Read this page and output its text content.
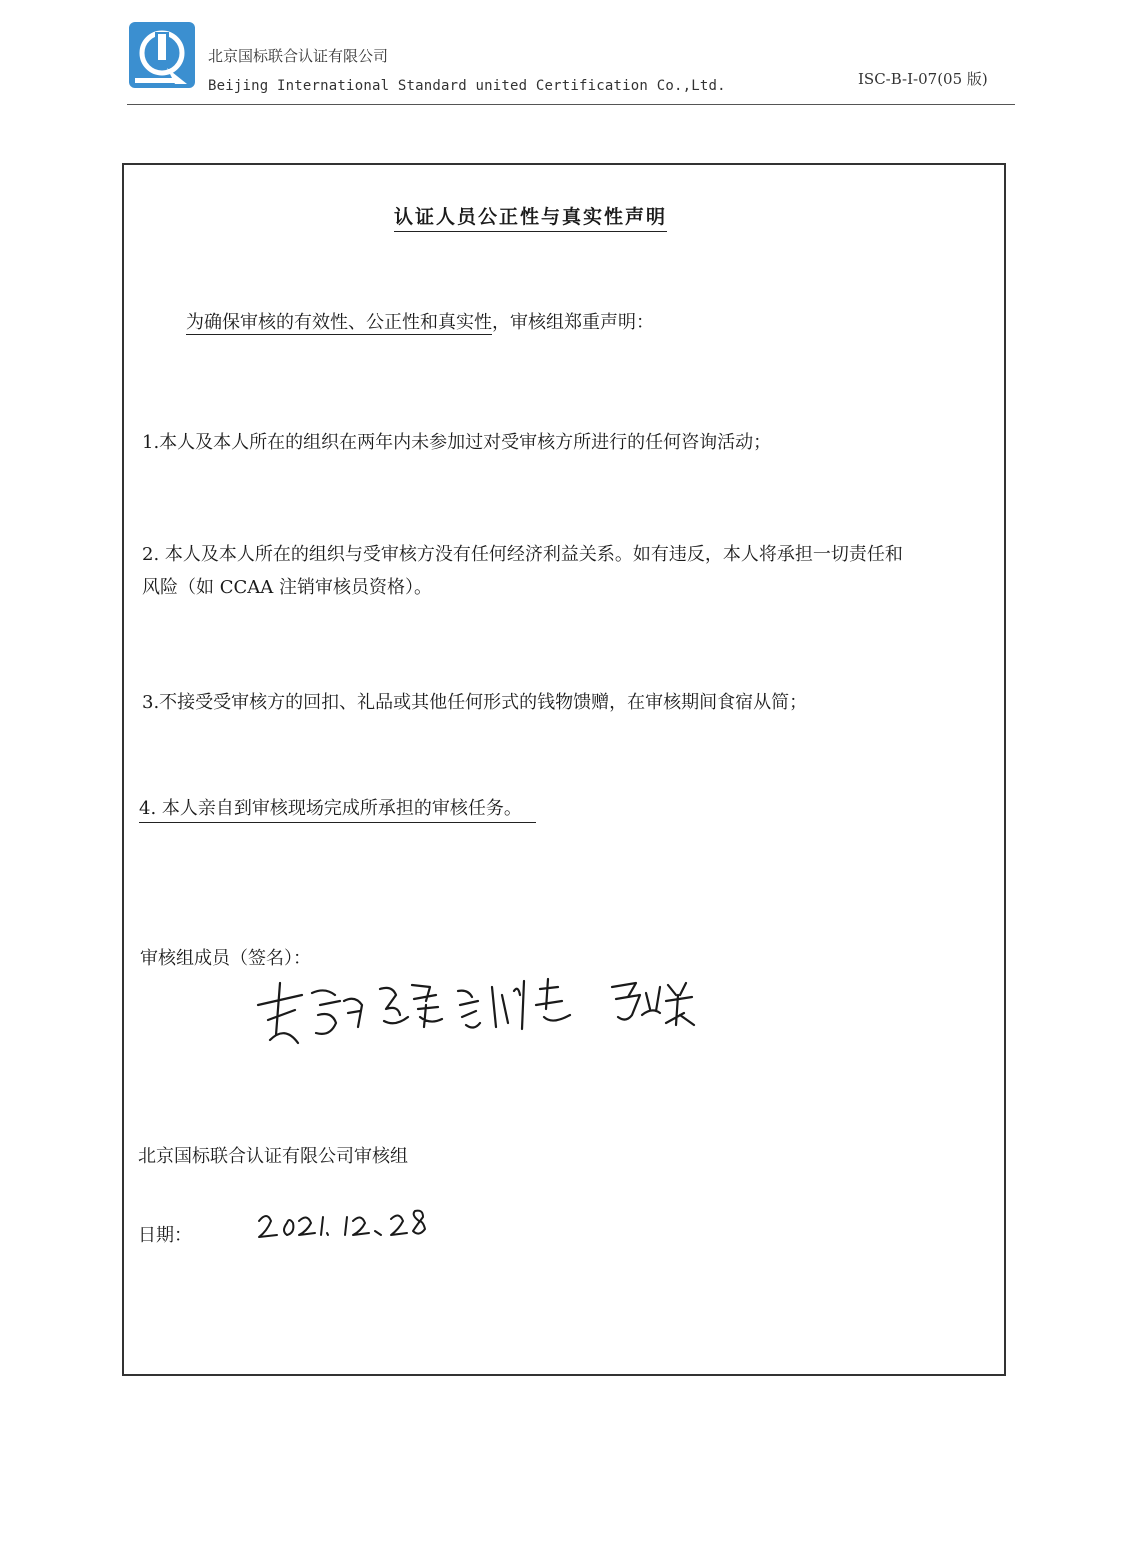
北京国标联合认证有限公司
Beijing International Standard united Certification Co.,Ltd.	ISC-B-I-07(05 版)
认证人员公正性与真实性声明
为确保审核的有效性、公正性和真实性，审核组郑重声明：
1.本人及本人所在的组织在两年内未参加过对受审核方所进行的任何咨询活动；
2. 本人及本人所在的组织与受审核方没有任何经济利益关系。如有违反，本人将承担一切责任和
风险（如 CCAA 注销审核员资格）。
3.不接受受审核方的回扣、礼品或其他任何形式的钱物馈赠，在审核期间食宿从简；
4. 本人亲自到审核现场完成所承担的审核任务。
审核组成员（签名）：
北京国标联合认证有限公司审核组
日期：
